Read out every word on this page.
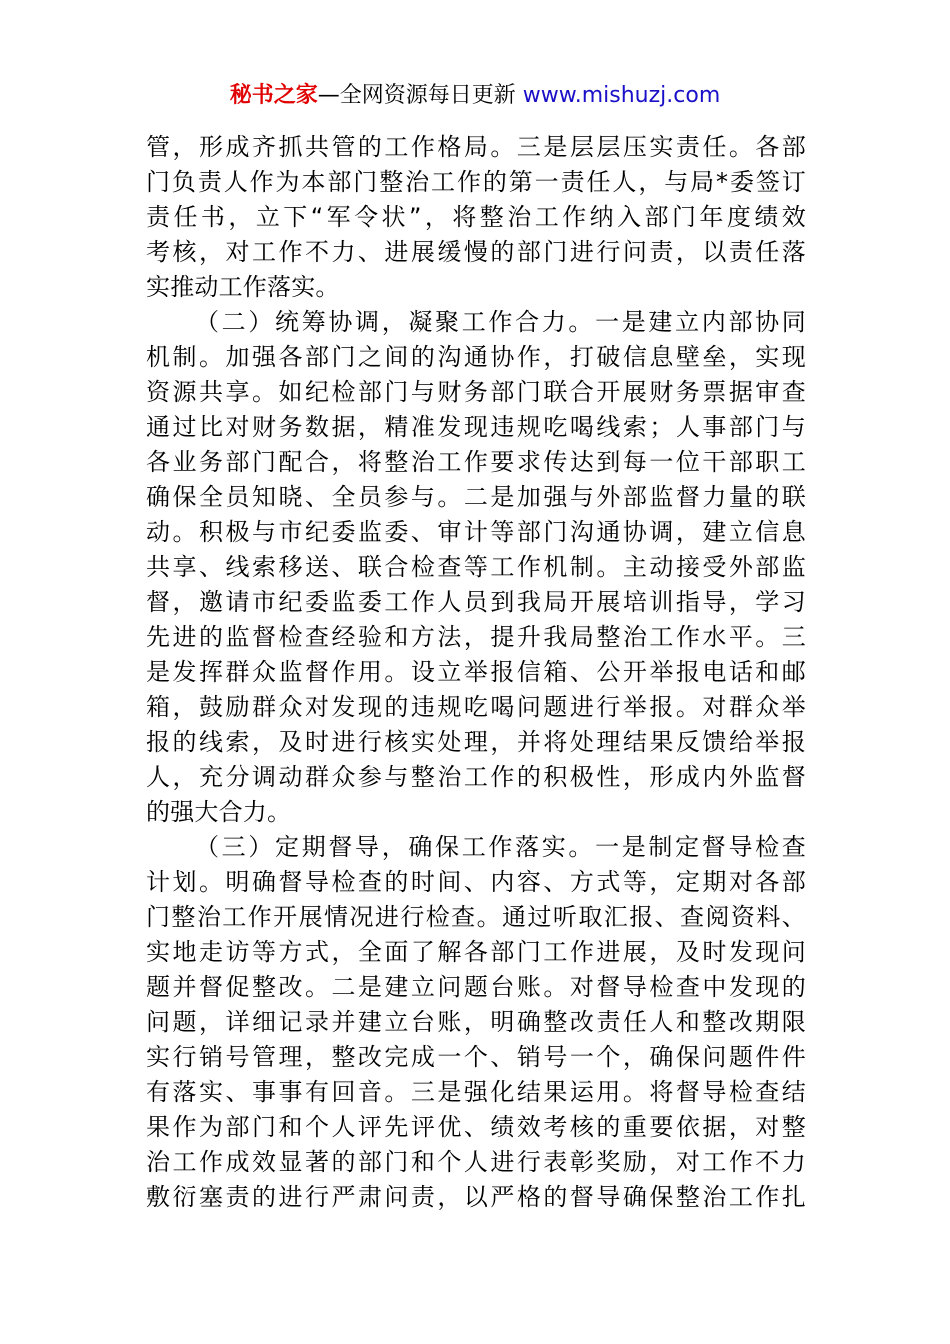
秘书之家—全网资源每日更新 www.mishuzj.com
管，形成齐抓共管的工作格局。三是层层压实责任。各部
门负责人作为本部门整治工作的第一责任人，与局*委签订
责任书，立下“军令状”，将整治工作纳入部门年度绩效
考核，对工作不力、进展缓慢的部门进行问责，以责任落
实推动工作落实。
（二）统筹协调，凝聚工作合力。一是建立内部协同
机制。加强各部门之间的沟通协作，打破信息壁垒，实现
资源共享。如纪检部门与财务部门联合开展财务票据审查
通过比对财务数据，精准发现违规吃喝线索；人事部门与
各业务部门配合，将整治工作要求传达到每一位干部职工
确保全员知晓、全员参与。二是加强与外部监督力量的联
动。积极与市纪委监委、审计等部门沟通协调，建立信息
共享、线索移送、联合检查等工作机制。主动接受外部监
督，邀请市纪委监委工作人员到我局开展培训指导，学习
先进的监督检查经验和方法，提升我局整治工作水平。三
是发挥群众监督作用。设立举报信箱、公开举报电话和邮
箱，鼓励群众对发现的违规吃喝问题进行举报。对群众举
报的线索，及时进行核实处理，并将处理结果反馈给举报
人，充分调动群众参与整治工作的积极性，形成内外监督
的强大合力。
（三）定期督导，确保工作落实。一是制定督导检查
计划。明确督导检查的时间、内容、方式等，定期对各部
门整治工作开展情况进行检查。通过听取汇报、查阅资料、
实地走访等方式，全面了解各部门工作进展，及时发现问
题并督促整改。二是建立问题台账。对督导检查中发现的
问题，详细记录并建立台账，明确整改责任人和整改期限
实行销号管理，整改完成一个、销号一个，确保问题件件
有落实、事事有回音。三是强化结果运用。将督导检查结
果作为部门和个人评先评优、绩效考核的重要依据，对整
治工作成效显著的部门和个人进行表彰奖励，对工作不力
敷衍塞责的进行严肃问责，以严格的督导确保整治工作扎
